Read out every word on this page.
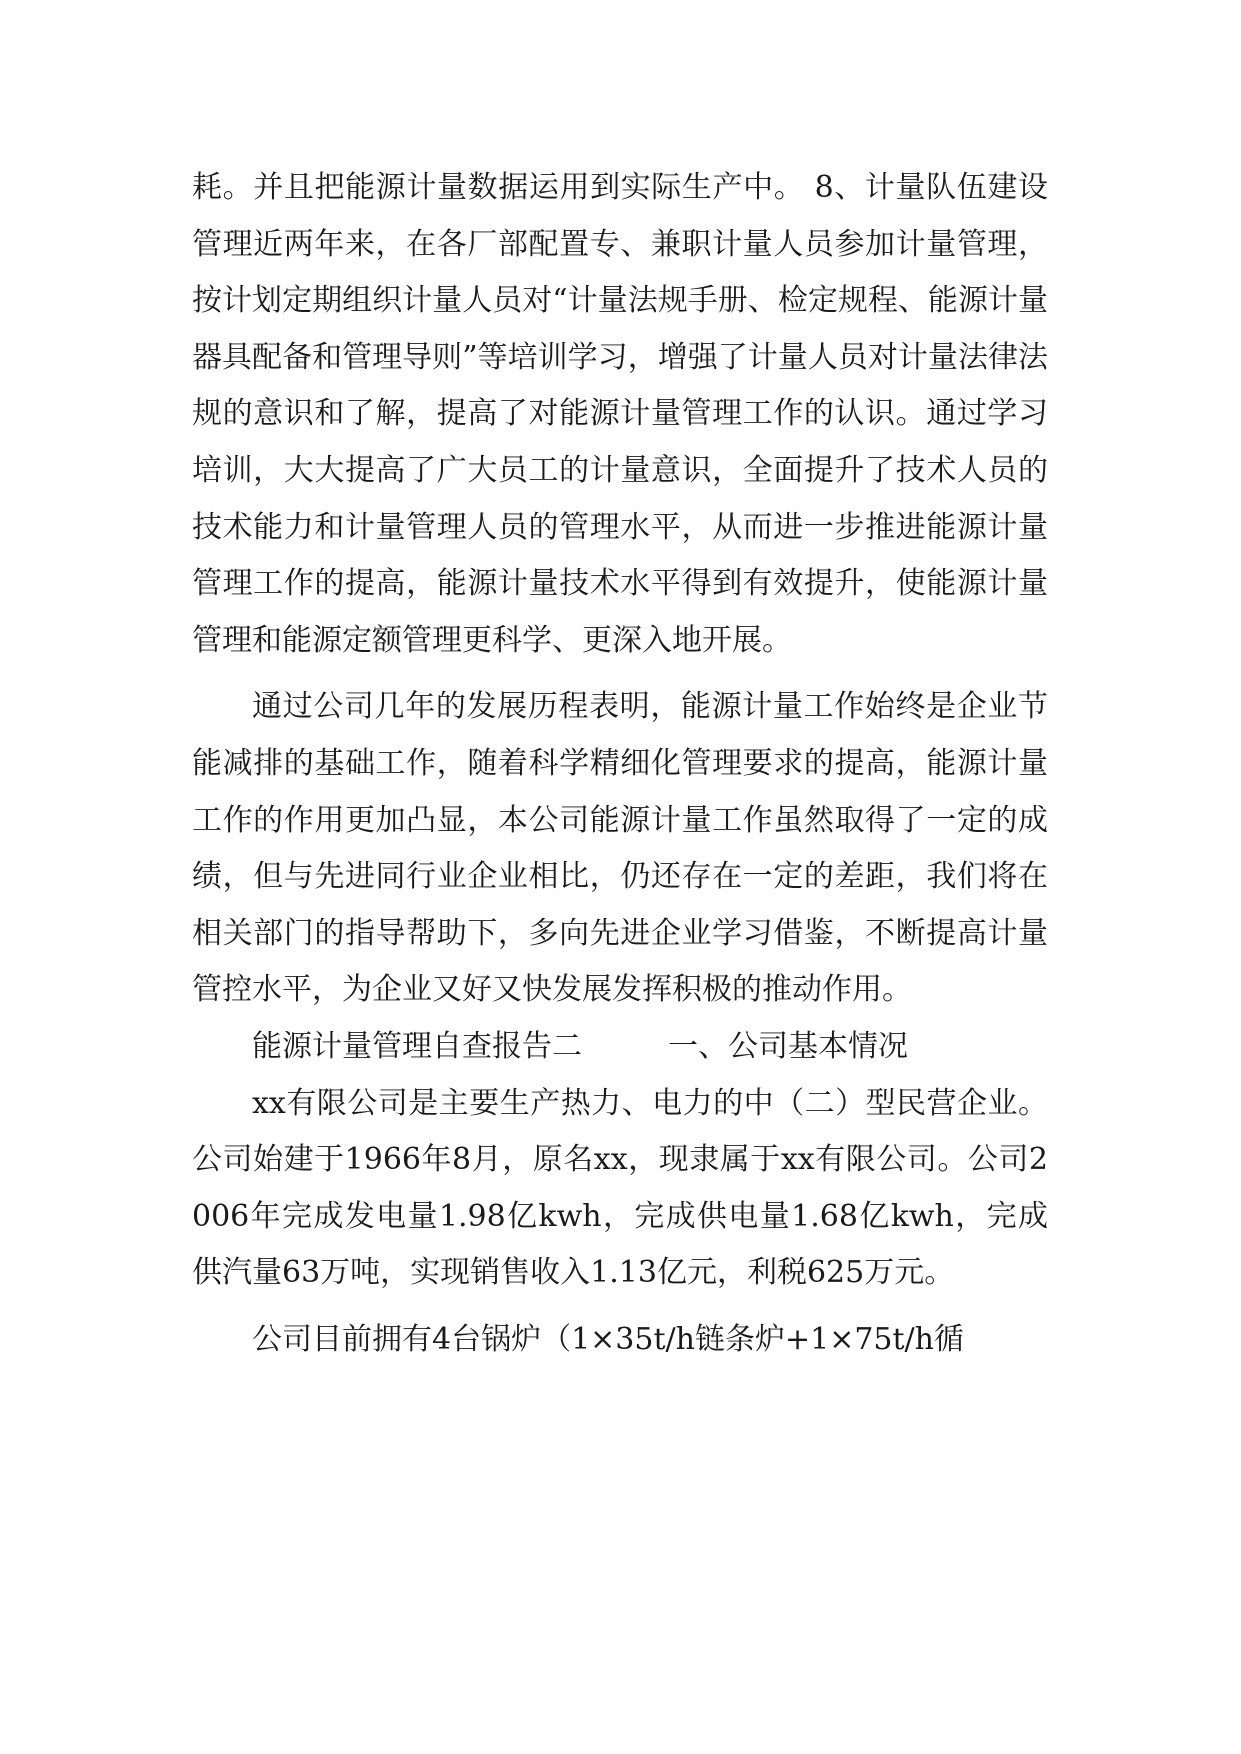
耗。并且把能源计量数据运用到实际生产中。 8、计量队伍建设管理近两年来，在各厂部配置专、兼职计量人员参加计量管理，按计划定期组织计量人员对“计量法规手册、检定规程、能源计量器具配备和管理导则”等培训学习，增强了计量人员对计量法律法规的意识和了解，提高了对能源计量管理工作的认识。通过学习培训，大大提高了广大员工的计量意识，全面提升了技术人员的技术能力和计量管理人员的管理水平，从而进一步推进能源计量管理工作的提高，能源计量技术水平得到有效提升，使能源计量管理和能源定额管理更科学、更深入地开展。

通过公司几年的发展历程表明，能源计量工作始终是企业节能减排的基础工作，随着科学精细化管理要求的提高，能源计量工作的作用更加凸显，本公司能源计量工作虽然取得了一定的成绩，但与先进同行业企业相比，仍还存在一定的差距，我们将在相关部门的指导帮助下，多向先进企业学习借鉴，不断提高计量管控水平，为企业又好又快发展发挥积极的推动作用。

能源计量管理自查报告二	一、公司基本情况

xx有限公司是主要生产热力、电力的中（二）型民营企业。公司始建于1966年8月，原名xx，现隶属于xx有限公司。公司2006年完成发电量1.98亿kwh，完成供电量1.68亿kwh，完成供汽量63万吨，实现销售收入1.13亿元，利税625万元。

公司目前拥有4台锅炉（1×35t/h链条炉+1×75t/h循
